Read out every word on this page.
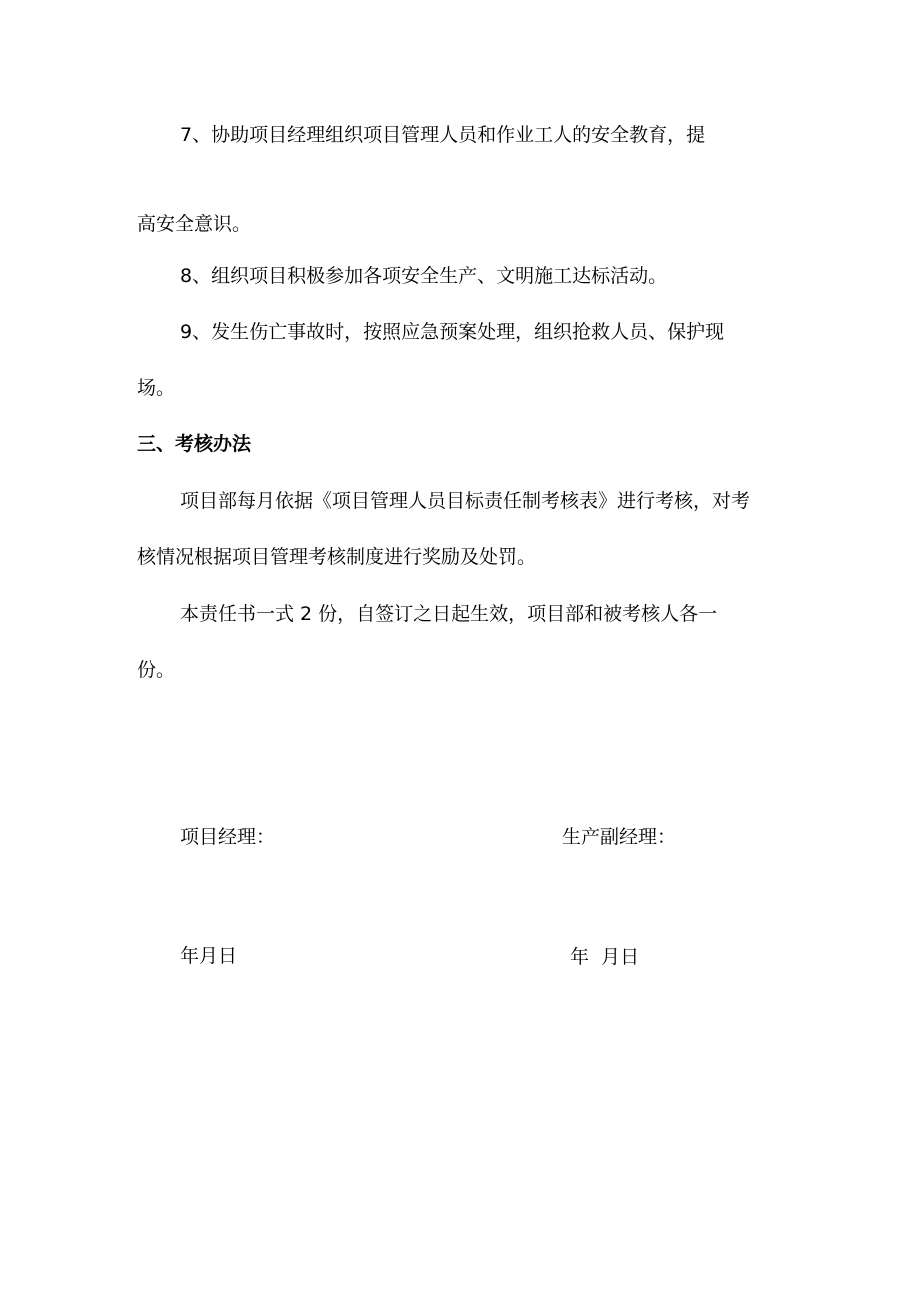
7、协助项目经理组织项目管理人员和作业工人的安全教育，提
高安全意识。
8、组织项目积极参加各项安全生产、文明施工达标活动。
9、发生伤亡事故时，按照应急预案处理，组织抢救人员、保护现
场。
三、考核办法
项目部每月依据《项目管理人员目标责任制考核表》进行考核，对考
核情况根据项目管理考核制度进行奖励及处罚。
本责任书一式 2 份，自签订之日起生效，项目部和被考核人各一
份。
项目经理：	生产副经理：
年月日	年  月日
